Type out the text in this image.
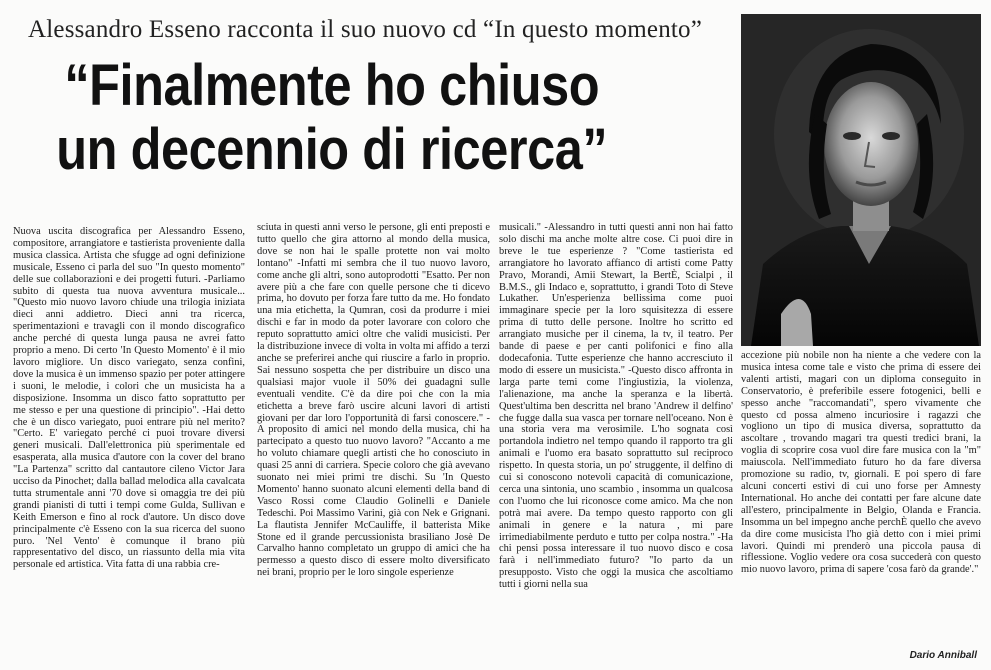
Alessandro Esseno racconta il suo nuovo cd “In questo momento”
“Finalmente ho chiuso
un decennio di ricerca”

Nuova uscita discografica per Alessandro Esseno, compositore, arrangiatore e tastierista proveniente dalla musica classica. Artista che sfugge ad ogni definizione musicale, Esseno ci parla del suo "In questo momento" delle sue collaborazioni e dei progetti futuri. -Parliamo subito di questa tua nuova avventura musicale... "Questo mio nuovo lavoro chiude una trilogia iniziata dieci anni addietro. Dieci anni tra ricerca, sperimentazioni e travagli con il mondo discografico anche perché di questa lunga pausa ne avrei fatto proprio a meno. Di certo 'In Questo Momento' è il mio lavoro migliore. Un disco variegato, senza confini, dove la musica è un immenso spazio per poter attingere i suoni, le melodie, i colori che un musicista ha a disposizione. Insomma un disco fatto soprattutto per me stesso e per una questione di principio". -Hai detto che è un disco variegato, puoi entrare più nel merito? "Certo. E' variegato perché ci puoi trovare diversi generi musicali. Dall'elettronica più sperimentale ed esasperata, alla musica d'autore con la cover del brano "La Partenza" scritto dal cantautore cileno Victor Jara ucciso da Pinochet; dalla ballad melodica alla cavalcata tutta strumentale anni '70 dove si omaggia tre dei più grandi pianisti di tutti i tempi come Gulda, Sullivan e Keith Emerson e fino al rock d'autore. Un disco dove principalmente c'è Esseno con la sua ricerca del suono puro. 'Nel Vento' è comunque il brano più rappresentativo del disco, un riassunto della mia vita personale ed artistica. Vita fatta di una rabbia cre-

sciuta in questi anni verso le persone, gli enti preposti e tutto quello che gira attorno al mondo della musica, dove se non hai le spalle protette non vai molto lontano" -Infatti mi sembra che il tuo nuovo lavoro, come anche gli altri, sono autoprodotti "Esatto. Per non avere più a che fare con quelle persone che ti dicevo prima, ho dovuto per forza fare tutto da me. Ho fondato una mia etichetta, la Qumran, così da produrre i miei dischi e far in modo da poter lavorare con coloro che reputo soprattutto amici oltre che validi musicisti. Per la distribuzione invece di volta in volta mi affido a terzi anche se preferirei anche qui riuscire a farlo in proprio. Sai nessuno sospetta che per distribuire un disco una qualsiasi major vuole il 50% dei guadagni sulle eventuali vendite. C'è da dire poi che con la mia etichetta a breve farò uscire alcuni lavori di artisti giovani per dar loro l'opportunità di farsi conoscere." -A proposito di amici nel mondo della musica, chi ha partecipato a questo tuo nuovo lavoro? "Accanto a me ho voluto chiamare quegli artisti che ho conosciuto in quasi 25 anni di carriera. Specie coloro che già avevano suonato nei miei primi tre dischi. Su 'In Questo Momento' hanno suonato alcuni elementi della band di Vasco Rossi come Claudio Golinelli e Daniele Tedeschi. Poi Massimo Varini, già con Nek e Grignani. La flautista Jennifer McCauliffe, il batterista Mike Stone ed il grande percussionista brasiliano Josè De Carvalho hanno completato un gruppo di amici che ha permesso a questo disco di essere molto diversificato nei brani, proprio per le loro singole esperienze

musicali." -Alessandro in tutti questi anni non hai fatto solo dischi ma anche molte altre cose. Ci puoi dire in breve le tue esperienze ? "Come tastierista ed arrangiatore ho lavorato affianco di artisti come Patty Pravo, Morandi, Amii Stewart, la BertÈ, Scialpi , il B.M.S., gli Indaco e, soprattutto, i grandi Toto di Steve Lukather. Un'esperienza bellissima come puoi immaginare specie per la loro squisitezza di essere prima di tutto delle persone. Inoltre ho scritto ed arrangiato musiche per il cinema, la tv, il teatro. Per bande di paese e per canti polifonici e fino alla dodecafonia. Tutte esperienze che hanno accresciuto il modo di essere un musicista." -Questo disco affronta in larga parte temi come l'ingiustizia, la violenza, l'alienazione, ma anche la speranza e la libertà. Quest'ultima ben descritta nel brano 'Andrew il delfino' che fugge dalla sua vasca per tornare nell'oceano. Non è una storia vera ma verosimile. L'ho sognata così portandola indietro nel tempo quando il rapporto tra gli animali e l'uomo era basato soprattutto sul reciproco rispetto. In questa storia, un po' struggente, il delfino di cui si conoscono notevoli capacità di comunicazione, cerca una sintonia, uno scambio , insomma un qualcosa con l'uomo che lui riconosce come amico. Ma che non potrà mai avere. Da tempo questo rapporto con gli animali in genere e la natura , mi pare irrimediabilmente perduto e tutto per colpa nostra." -Ha chi pensi possa interessare il tuo nuovo disco e cosa farà i nell'immediato futuro? "Io parto da un presupposto. Visto che oggi la musica che ascoltiamo tutti i giorni nella sua

accezione più nobile non ha niente a che vedere con la musica intesa come tale e visto che prima di essere dei valenti artisti, magari con un diploma conseguito in Conservatorio, è preferibile essere fotogenici, belli e spesso anche "raccomandati", spero vivamente che questo cd possa almeno incuriosire i ragazzi che vogliono un tipo di musica diversa, soprattutto da ascoltare , trovando magari tra questi tredici brani, la voglia di scoprire cosa vuol dire fare musica con la "m" maiuscola. Nell'immediato futuro ho da fare diversa promozione su radio, tv, giornali. E poi spero di fare alcuni concerti estivi di cui uno forse per Amnesty International. Ho anche dei contatti per fare alcune date all'estero, principalmente in Belgio, Olanda e Francia. Insomma un bel impegno anche perchÈ quello che avevo da dire come musicista l'ho già detto con i miei primi lavori. Quindi mi prenderò una piccola pausa di riflessione. Voglio vedere ora cosa succederà con questo mio nuovo lavoro, prima di sapere 'cosa farò da grande'."

Dario Anniball
